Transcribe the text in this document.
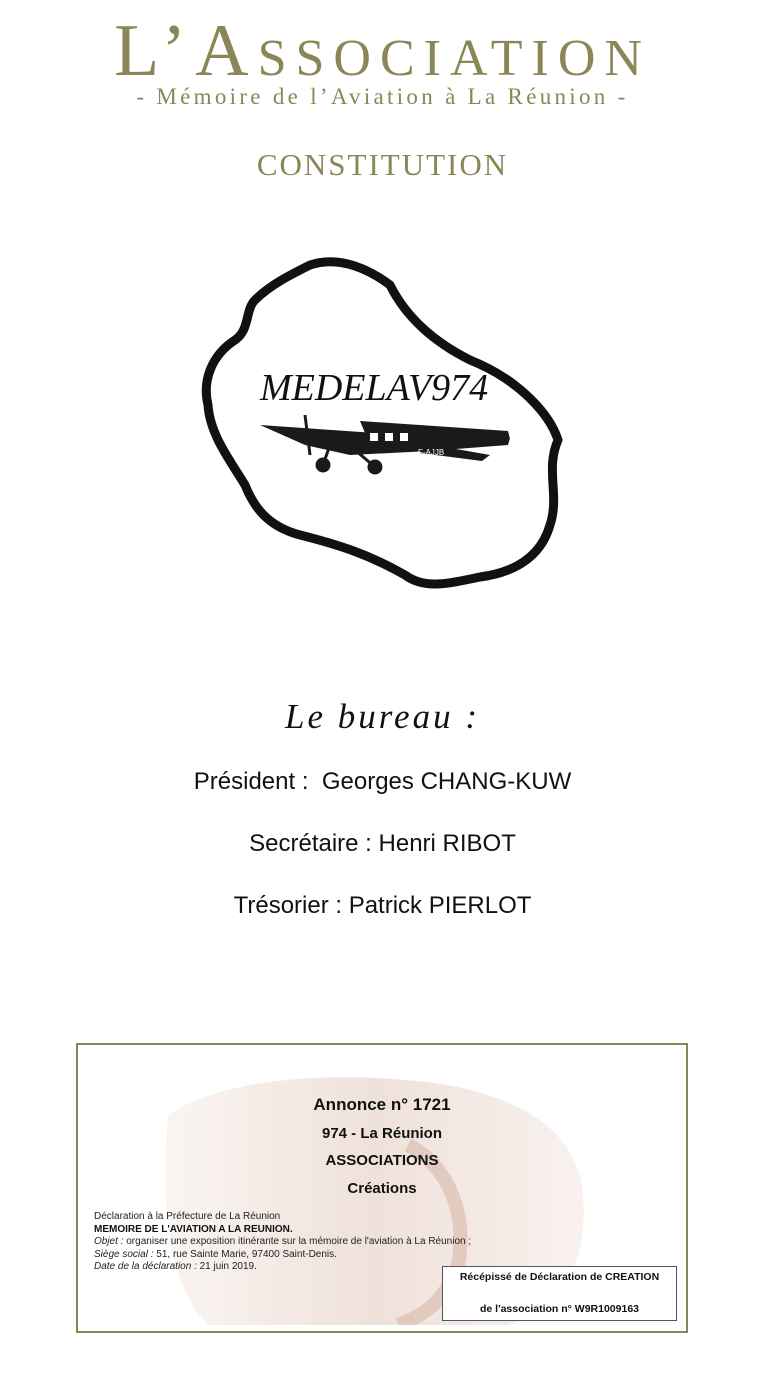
L’ASSOCIATION
- Mémoire de l’Aviation à La Réunion -
CONSTITUTION
MEDELAV974
F-AJJB
Le bureau :
Président :  Georges CHANG-KUW
Secrétaire : Henri RIBOT
Trésorier : Patrick PIERLOT
Annonce n° 1721
974 - La Réunion
ASSOCIATIONS
Créations
Déclaration à la Préfecture de La Réunion
MEMOIRE DE L'AVIATION A LA REUNION.
Objet : organiser une exposition itinérante sur la mémoire de l'aviation à La Réunion ;
Siège social : 51, rue Sainte Marie, 97400 Saint-Denis.
Date de la déclaration : 21 juin 2019.
Récépissé de Déclaration de CREATION
de l'association n° W9R1009163
